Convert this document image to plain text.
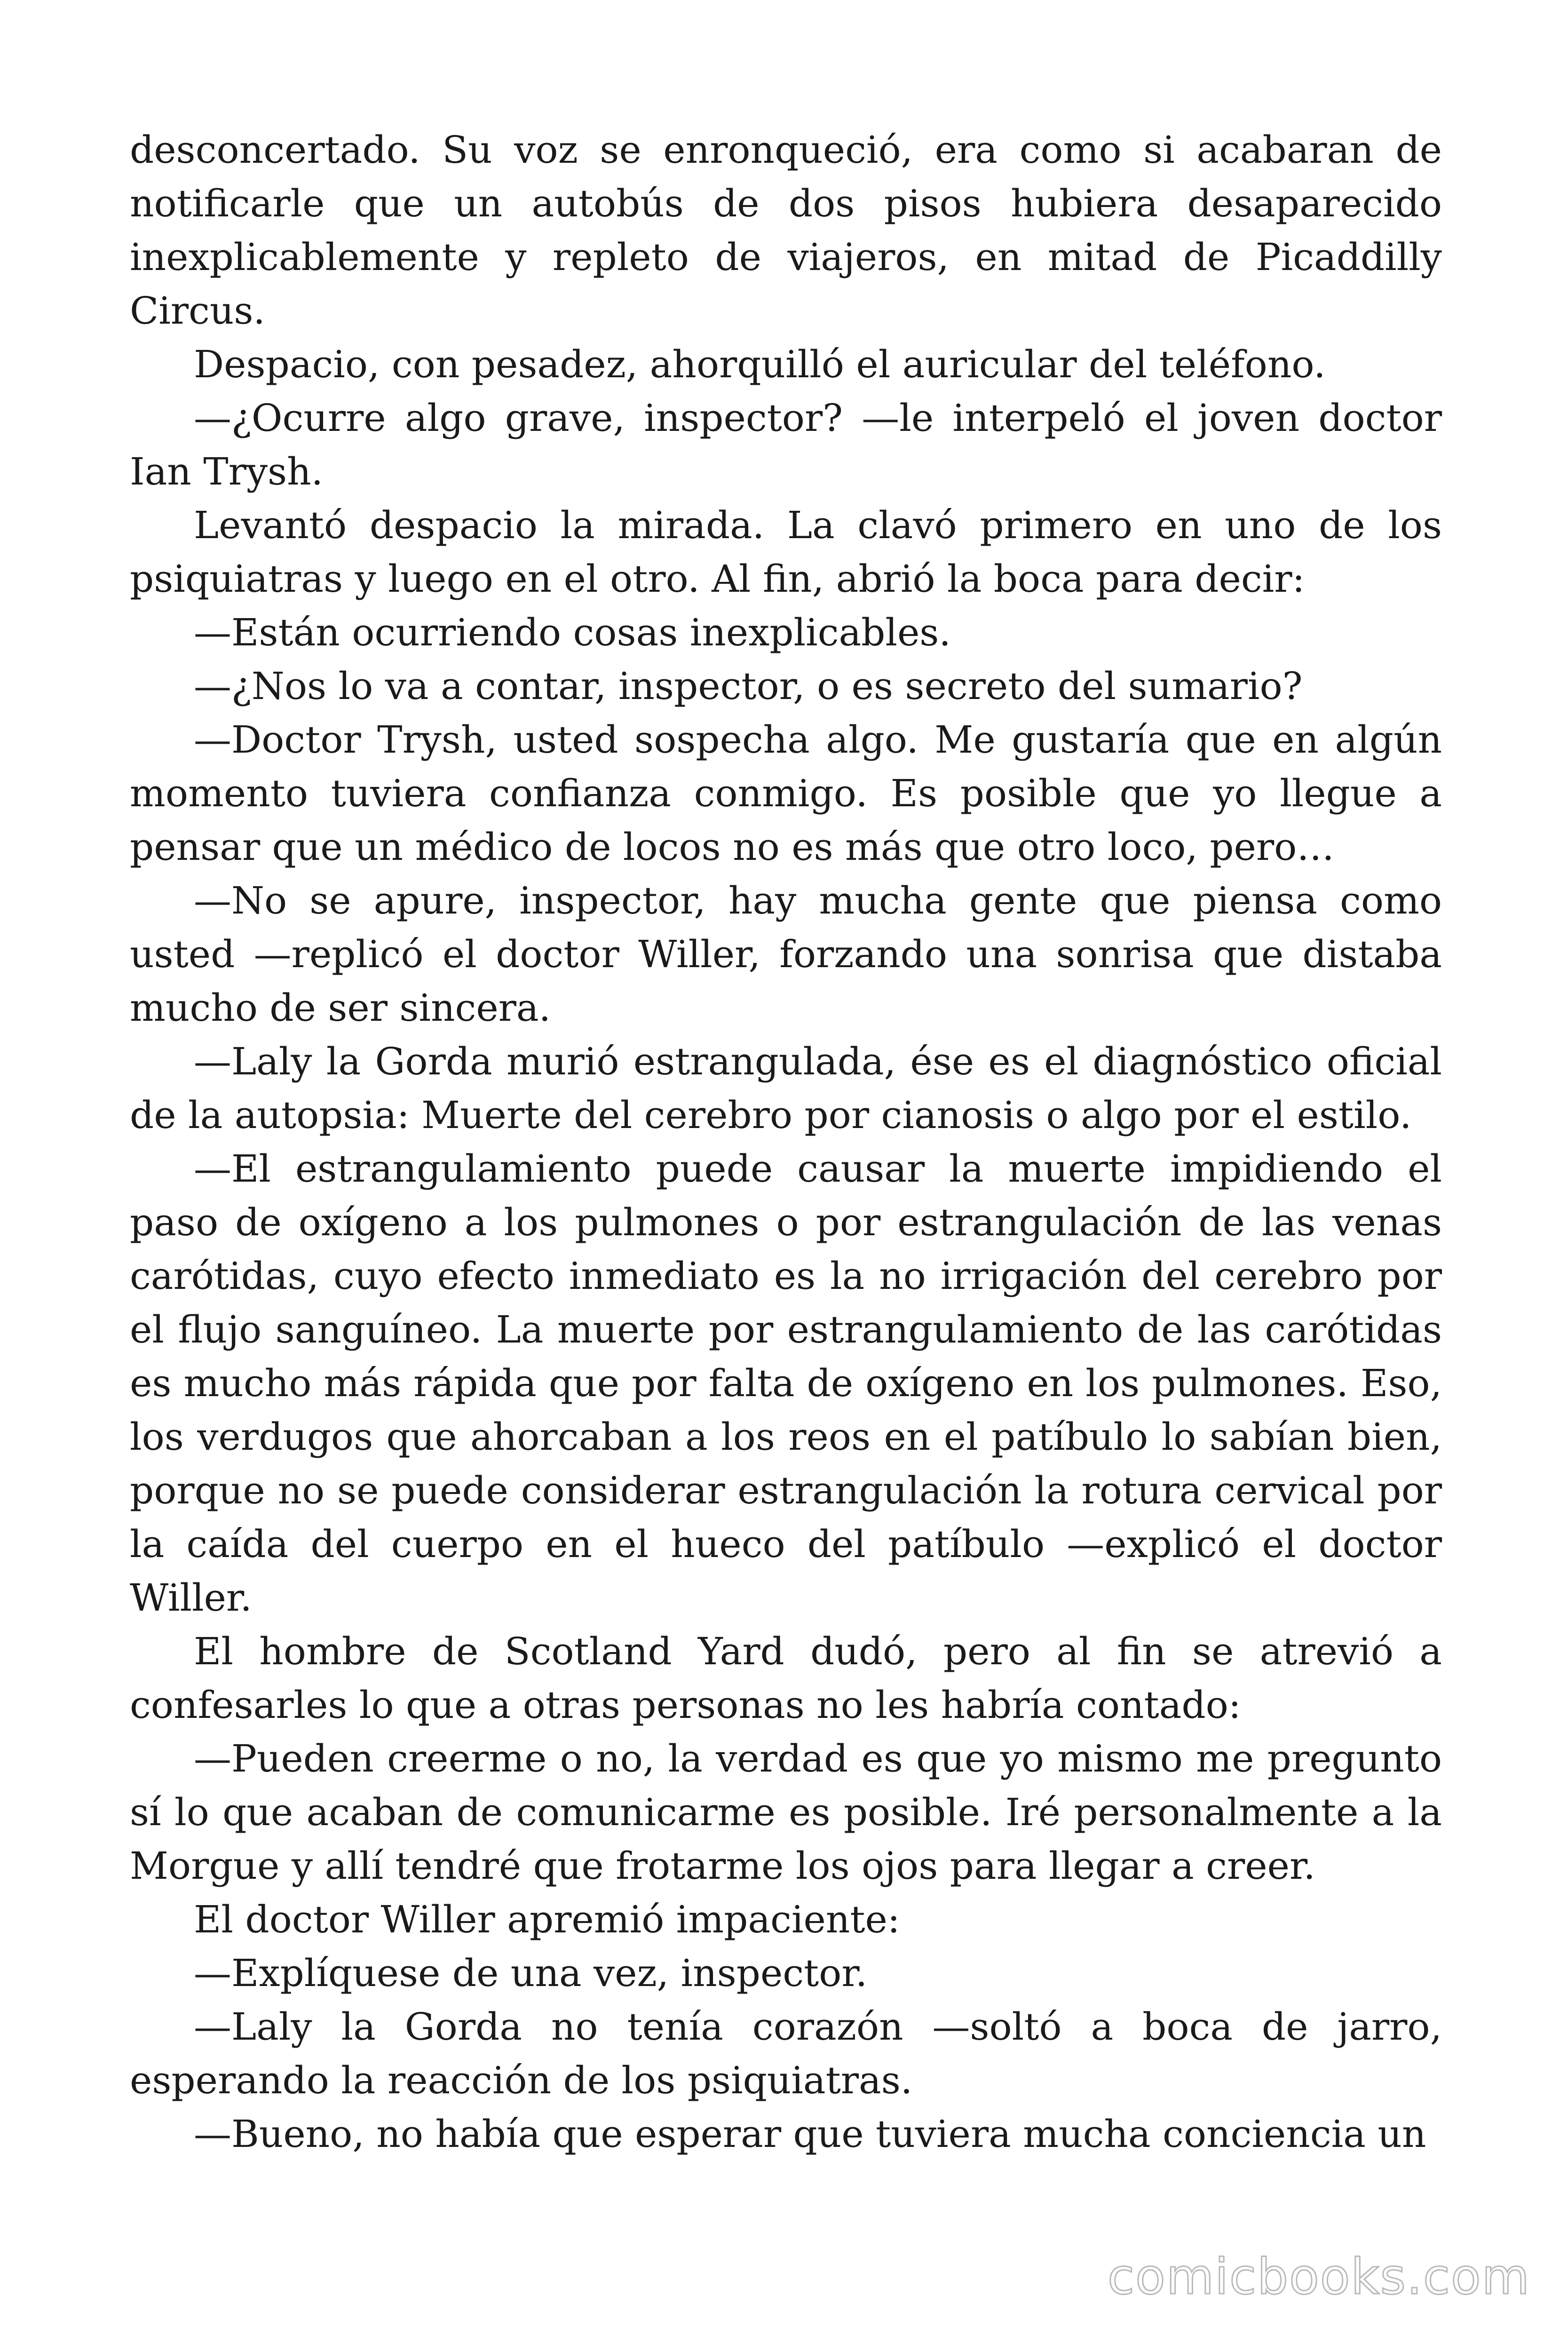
desconcertado. Su voz se enronqueció, era como si acabaran de notificarle que un autobús de dos pisos hubiera desaparecido inexplicablemente y repleto de viajeros, en mitad de Picaddilly Circus.

Despacio, con pesadez, ahorquilló el auricular del teléfono.

—¿Ocurre algo grave, inspector? —le interpeló el joven doctor Ian Trysh.

Levantó despacio la mirada. La clavó primero en uno de los psiquiatras y luego en el otro. Al fin, abrió la boca para decir:

—Están ocurriendo cosas inexplicables.

—¿Nos lo va a contar, inspector, o es secreto del sumario?

—Doctor Trysh, usted sospecha algo. Me gustaría que en algún momento tuviera confianza conmigo. Es posible que yo llegue a pensar que un médico de locos no es más que otro loco, pero…

—No se apure, inspector, hay mucha gente que piensa como usted —replicó el doctor Willer, forzando una sonrisa que distaba mucho de ser sincera.

—Laly la Gorda murió estrangulada, ése es el diagnóstico oficial de la autopsia: Muerte del cerebro por cianosis o algo por el estilo.

—El estrangulamiento puede causar la muerte impidiendo el paso de oxígeno a los pulmones o por estrangulación de las venas carótidas, cuyo efecto inmediato es la no irrigación del cerebro por el flujo sanguíneo. La muerte por estrangulamiento de las carótidas es mucho más rápida que por falta de oxígeno en los pulmones. Eso, los verdugos que ahorcaban a los reos en el patíbulo lo sabían bien, porque no se puede considerar estrangulación la rotura cervical por la caída del cuerpo en el hueco del patíbulo —explicó el doctor Willer.

El hombre de Scotland Yard dudó, pero al fin se atrevió a confesarles lo que a otras personas no les habría contado:

—Pueden creerme o no, la verdad es que yo mismo me pregunto sí lo que acaban de comunicarme es posible. Iré personalmente a la Morgue y allí tendré que frotarme los ojos para llegar a creer.

El doctor Willer apremió impaciente:

—Explíquese de una vez, inspector.

—Laly la Gorda no tenía corazón —soltó a boca de jarro, esperando la reacción de los psiquiatras.

—Bueno, no había que esperar que tuviera mucha conciencia un

comicbooks.com
